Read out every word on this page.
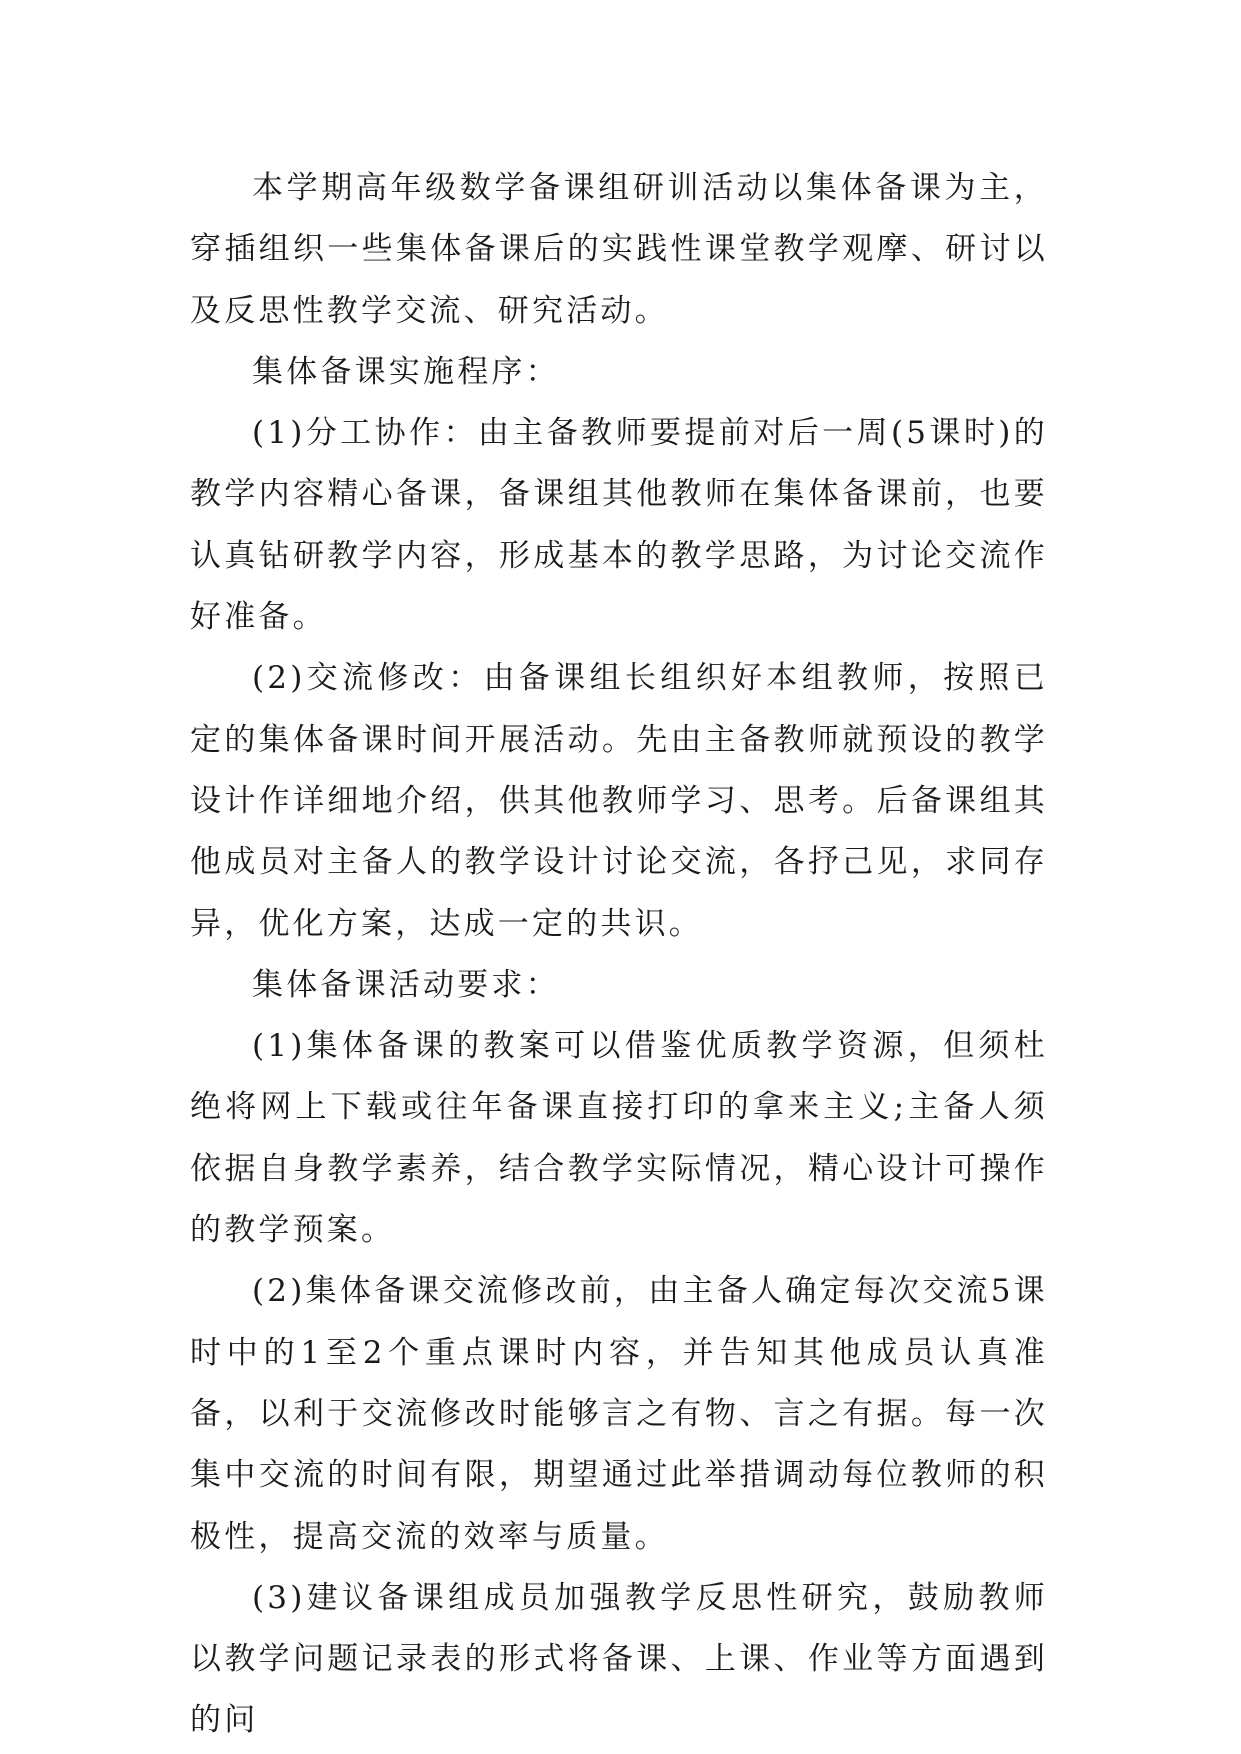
本学期高年级数学备课组研训活动以集体备课为主，穿插组织一些集体备课后的实践性课堂教学观摩、研讨以及反思性教学交流、研究活动。

集体备课实施程序：

(1)分工协作：由主备教师要提前对后一周(5课时)的教学内容精心备课，备课组其他教师在集体备课前，也要认真钻研教学内容，形成基本的教学思路，为讨论交流作好准备。

(2)交流修改：由备课组长组织好本组教师，按照已定的集体备课时间开展活动。先由主备教师就预设的教学设计作详细地介绍，供其他教师学习、思考。后备课组其他成员对主备人的教学设计讨论交流，各抒己见，求同存异，优化方案，达成一定的共识。

集体备课活动要求：

(1)集体备课的教案可以借鉴优质教学资源，但须杜绝将网上下载或往年备课直接打印的拿来主义;主备人须依据自身教学素养，结合教学实际情况，精心设计可操作的教学预案。

(2)集体备课交流修改前，由主备人确定每次交流5课时中的1至2个重点课时内容，并告知其他成员认真准备，以利于交流修改时能够言之有物、言之有据。每一次集中交流的时间有限，期望通过此举措调动每位教师的积极性，提高交流的效率与质量。

(3)建议备课组成员加强教学反思性研究，鼓励教师以教学问题记录表的形式将备课、上课、作业等方面遇到的问
